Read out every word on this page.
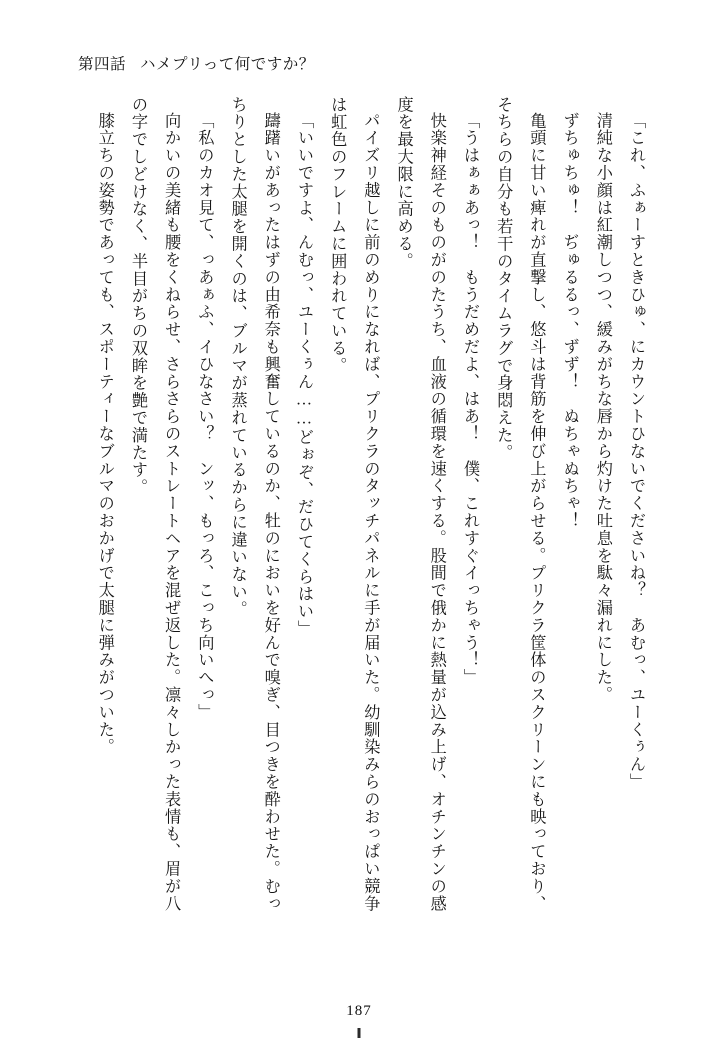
第四話 ハメプリって何ですか？

「これ、ふぁーすときひゅ、にカウントひないでくださいね？　あむっ、ユーくぅん」

清純な小顔は紅潮しつつ、緩みがちな唇から灼けた吐息を駄々漏れにした。

ずちゅちゅ！　ぢゅるるっ、ずず！　ぬちゃぬちゃ！

亀頭に甘い痺れが直撃し、悠斗は背筋を伸び上がらせる。プリクラ筐体のスクリーンにも映っており、そちらの自分も若干のタイムラグで身悶えた。

「うはぁぁあっ！　もうだめだよ、はあ！　僕、これすぐイっちゃう！」

快楽神経そのものがのたうち、血液の循環を速くする。股間で俄かに熱量が込み上げ、オチンチンの感度を最大限に高める。

パイズリ越しに前のめりになれば、プリクラのタッチパネルに手が届いた。幼馴染みらのおっぱい競争は虹色のフレームに囲われている。

「いいですよ、んむっ、ユーくぅん……どぉぞ、だひてくらはい」

躊躇いがあったはずの由希奈も興奮しているのか、牡のにおいを好んで嗅ぎ、目つきを酔わせた。むっちりとした太腿を開くのは、ブルマが蒸れているからに違いない。

「私のカオ見て、っあぁふ、イひなさい？　ンッ、もっろ、こっち向いへっ」

向かいの美緒も腰をくねらせ、さらさらのストレートヘアを混ぜ返した。凛々しかった表情も、眉が八の字でしどけなく、半目がちの双眸を艶で満たす。

膝立ちの姿勢であっても、スポーティーなブルマのおかげで太腿に弾みがついた。

187
